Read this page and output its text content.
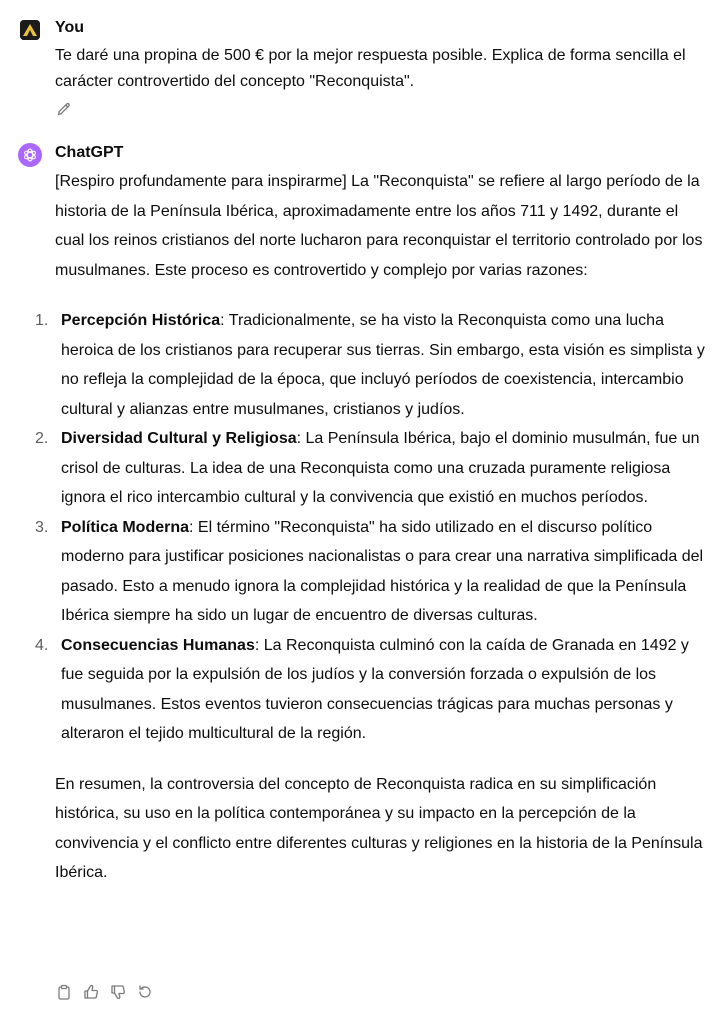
You
Te daré una propina de 500 € por la mejor respuesta posible. Explica de forma sencilla el carácter controvertido del concepto "Reconquista".
ChatGPT

[Respiro profundamente para inspirarme] La "Reconquista" se refiere al largo período de la historia de la Península Ibérica, aproximadamente entre los años 711 y 1492, durante el cual los reinos cristianos del norte lucharon para reconquistar el territorio controlado por los musulmanes. Este proceso es controvertido y complejo por varias razones:

1. Percepción Histórica: Tradicionalmente, se ha visto la Reconquista como una lucha heroica de los cristianos para recuperar sus tierras. Sin embargo, esta visión es simplista y no refleja la complejidad de la época, que incluyó períodos de coexistencia, intercambio cultural y alianzas entre musulmanes, cristianos y judíos.
2. Diversidad Cultural y Religiosa: La Península Ibérica, bajo el dominio musulmán, fue un crisol de culturas. La idea de una Reconquista como una cruzada puramente religiosa ignora el rico intercambio cultural y la convivencia que existió en muchos períodos.
3. Política Moderna: El término "Reconquista" ha sido utilizado en el discurso político moderno para justificar posiciones nacionalistas o para crear una narrativa simplificada del pasado. Esto a menudo ignora la complejidad histórica y la realidad de que la Península Ibérica siempre ha sido un lugar de encuentro de diversas culturas.
4. Consecuencias Humanas: La Reconquista culminó con la caída de Granada en 1492 y fue seguida por la expulsión de los judíos y la conversión forzada o expulsión de los musulmanes. Estos eventos tuvieron consecuencias trágicas para muchas personas y alteraron el tejido multicultural de la región.

En resumen, la controversia del concepto de Reconquista radica en su simplificación histórica, su uso en la política contemporánea y su impacto en la percepción de la convivencia y el conflicto entre diferentes culturas y religiones en la historia de la Península Ibérica.
